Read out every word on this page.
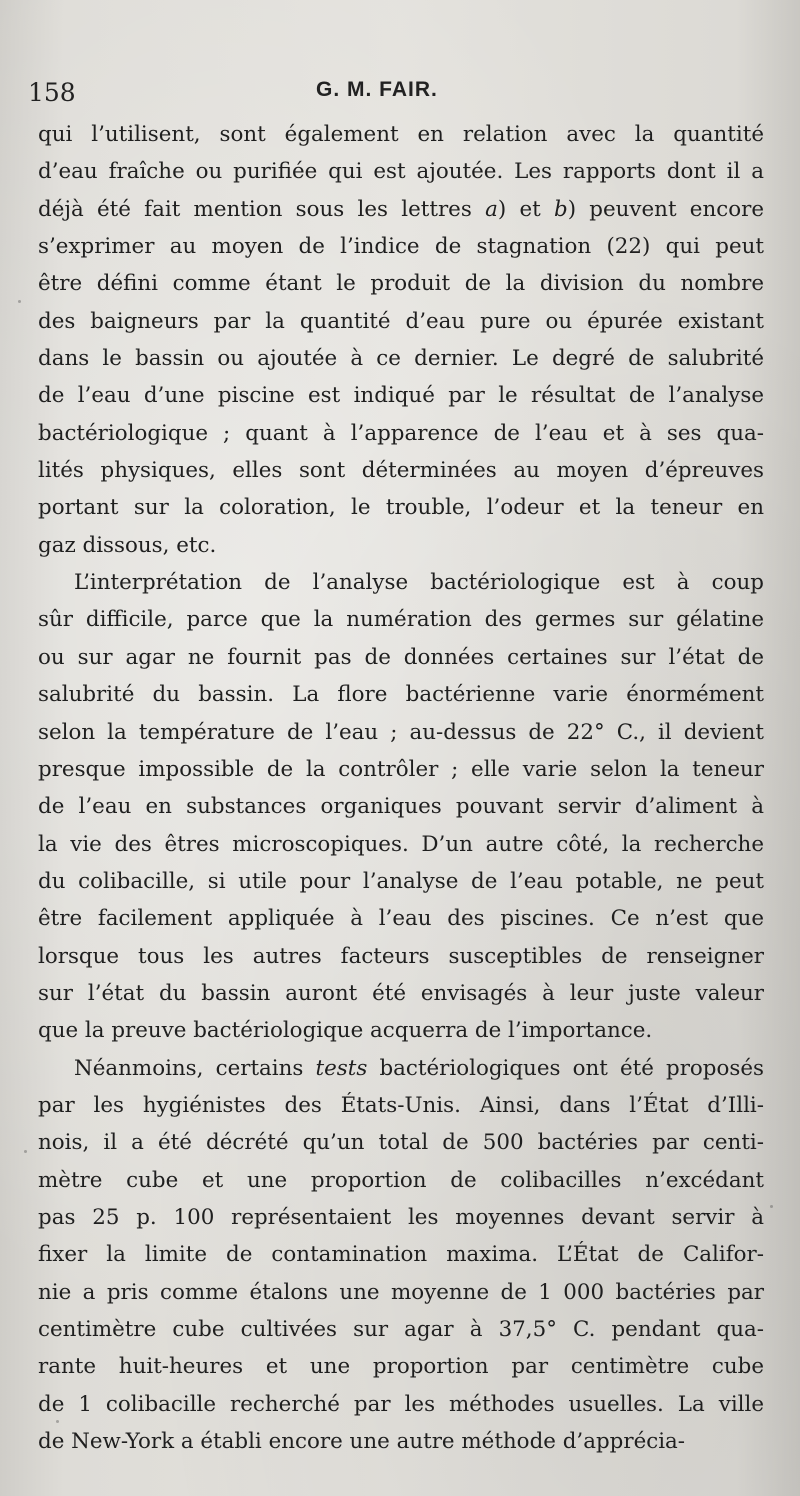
158	G. M. FAIR.
qui l’utilisent, sont également en relation avec la quantité
d’eau fraîche ou purifiée qui est ajoutée. Les rapports dont il a
déjà été fait mention sous les lettres a) et b) peuvent encore
s’exprimer au moyen de l’indice de stagnation (22) qui peut
être défini comme étant le produit de la division du nombre
des baigneurs par la quantité d’eau pure ou épurée existant
dans le bassin ou ajoutée à ce dernier. Le degré de salubrité
de l’eau d’une piscine est indiqué par le résultat de l’analyse
bactériologique ; quant à l’apparence de l’eau et à ses qua-
lités physiques, elles sont déterminées au moyen d’épreuves
portant sur la coloration, le trouble, l’odeur et la teneur en
gaz dissous, etc.
L’interprétation de l’analyse bactériologique est à coup
sûr difficile, parce que la numération des germes sur gélatine
ou sur agar ne fournit pas de données certaines sur l’état de
salubrité du bassin. La flore bactérienne varie énormément
selon la température de l’eau ; au-dessus de 22° C., il devient
presque impossible de la contrôler ; elle varie selon la teneur
de l’eau en substances organiques pouvant servir d’aliment à
la vie des êtres microscopiques. D’un autre côté, la recherche
du colibacille, si utile pour l’analyse de l’eau potable, ne peut
être facilement appliquée à l’eau des piscines. Ce n’est que
lorsque tous les autres facteurs susceptibles de renseigner
sur l’état du bassin auront été envisagés à leur juste valeur
que la preuve bactériologique acquerra de l’importance.
Néanmoins, certains tests bactériologiques ont été proposés
par les hygiénistes des États-Unis. Ainsi, dans l’État d’Illi-
nois, il a été décrété qu’un total de 500 bactéries par centi-
mètre cube et une proportion de colibacilles n’excédant
pas 25 p. 100 représentaient les moyennes devant servir à
fixer la limite de contamination maxima. L’État de Califor-
nie a pris comme étalons une moyenne de 1 000 bactéries par
centimètre cube cultivées sur agar à 37,5° C. pendant qua-
rante huit-heures et une proportion par centimètre cube
de 1 colibacille recherché par les méthodes usuelles. La ville
de New-York a établi encore une autre méthode d’apprécia-
